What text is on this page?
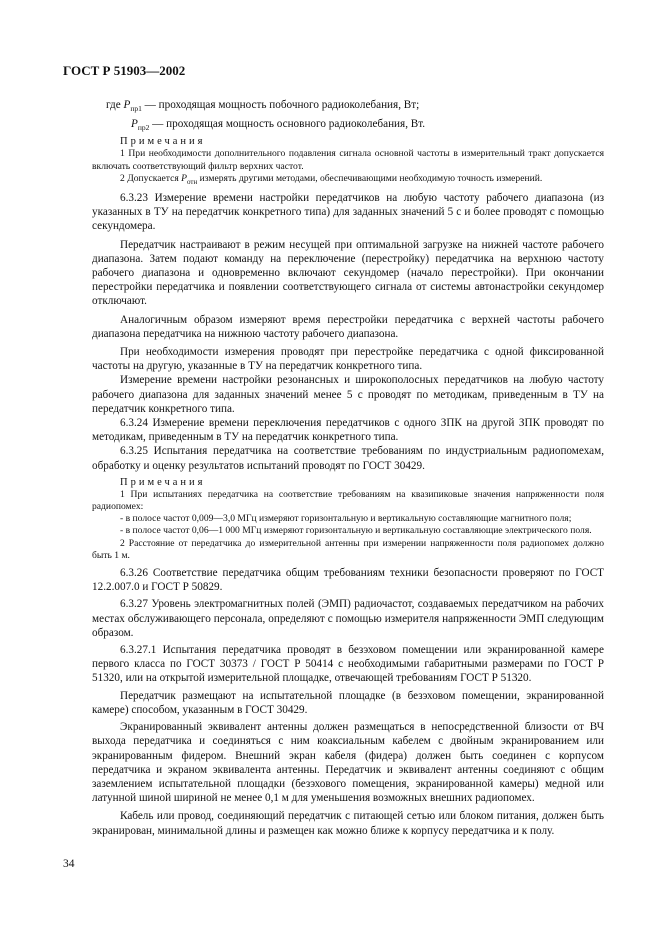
ГОСТ Р 51903—2002
где $P_{пр1}$ — проходящая мощность побочного радиоколебания, Вт;
$P_{пр2}$ — проходящая мощность основного радиоколебания, Вт.

Примечания

1 При необходимости дополнительного подавления сигнала основной частоты в измерительный тракт допускается включать соответствующий фильтр верхних частот.

2 Допускается $P_{отн}$ измерять другими методами, обеспечивающими необходимую точность измерений.

6.3.23 Измерение времени настройки передатчиков на любую частоту рабочего диапазона (из указанных в ТУ на передатчик конкретного типа) для заданных значений 5 с и более проводят с помощью секундомера.

Передатчик настраивают в режим несущей при оптимальной загрузке на нижней частоте рабочего диапазона. Затем подают команду на переключение (перестройку) передатчика на верхнюю частоту рабочего диапазона и одновременно включают секундомер (начало перестройки). При окончании перестройки передатчика и появлении соответствующего сигнала от системы автонастройки секундомер отключают.

Аналогичным образом измеряют время перестройки передатчика с верхней частоты рабочего диапазона передатчика на нижнюю частоту рабочего диапазона.

При необходимости измерения проводят при перестройке передатчика с одной фиксированной частоты на другую, указанные в ТУ на передатчик конкретного типа.

Измерение времени настройки резонансных и широкополосных передатчиков на любую частоту рабочего диапазона для заданных значений менее 5 с проводят по методикам, приведенным в ТУ на передатчик конкретного типа.

6.3.24 Измерение времени переключения передатчиков с одного ЗПК на другой ЗПК проводят по методикам, приведенным в ТУ на передатчик конкретного типа.

6.3.25 Испытания передатчика на соответствие требованиям по индустриальным радиопомехам, обработку и оценку результатов испытаний проводят по ГОСТ 30429.

Примечания

1 При испытаниях передатчика на соответствие требованиям на квазипиковые значения напряженности поля радиопомех:

- в полосе частот 0,009—3,0 МГц измеряют горизонтальную и вертикальную составляющие магнитного поля;

- в полосе частот 0,06—1 000 МГц измеряют горизонтальную и вертикальную составляющие электрического поля.

2 Расстояние от передатчика до измерительной антенны при измерении напряженности поля радиопомех должно быть 1 м.

6.3.26 Соответствие передатчика общим требованиям техники безопасности проверяют по ГОСТ 12.2.007.0 и ГОСТ Р 50829.

6.3.27 Уровень электромагнитных полей (ЭМП) радиочастот, создаваемых передатчиком на рабочих местах обслуживающего персонала, определяют с помощью измерителя напряженности ЭМП следующим образом.

6.3.27.1 Испытания передатчика проводят в безэховом помещении или экранированной камере первого класса по ГОСТ 30373 / ГОСТ Р 50414 с необходимыми габаритными размерами по ГОСТ Р 51320, или на открытой измерительной площадке, отвечающей требованиям ГОСТ Р 51320.

Передатчик размещают на испытательной площадке (в безэховом помещении, экранированной камере) способом, указанным в ГОСТ 30429.

Экранированный эквивалент антенны должен размещаться в непосредственной близости от ВЧ выхода передатчика и соединяться с ним коаксиальным кабелем с двойным экранированием или экранированным фидером. Внешний экран кабеля (фидера) должен быть соединен с корпусом передатчика и экраном эквивалента антенны. Передатчик и эквивалент антенны соединяют с общим заземлением испытательной площадки (безэхового помещения, экранированной камеры) медной или латунной шиной шириной не менее 0,1 м для уменьшения возможных внешних радиопомех.

Кабель или провод, соединяющий передатчик с питающей сетью или блоком питания, должен быть экранирован, минимальной длины и размещен как можно ближе к корпусу передатчика и к полу.

34
